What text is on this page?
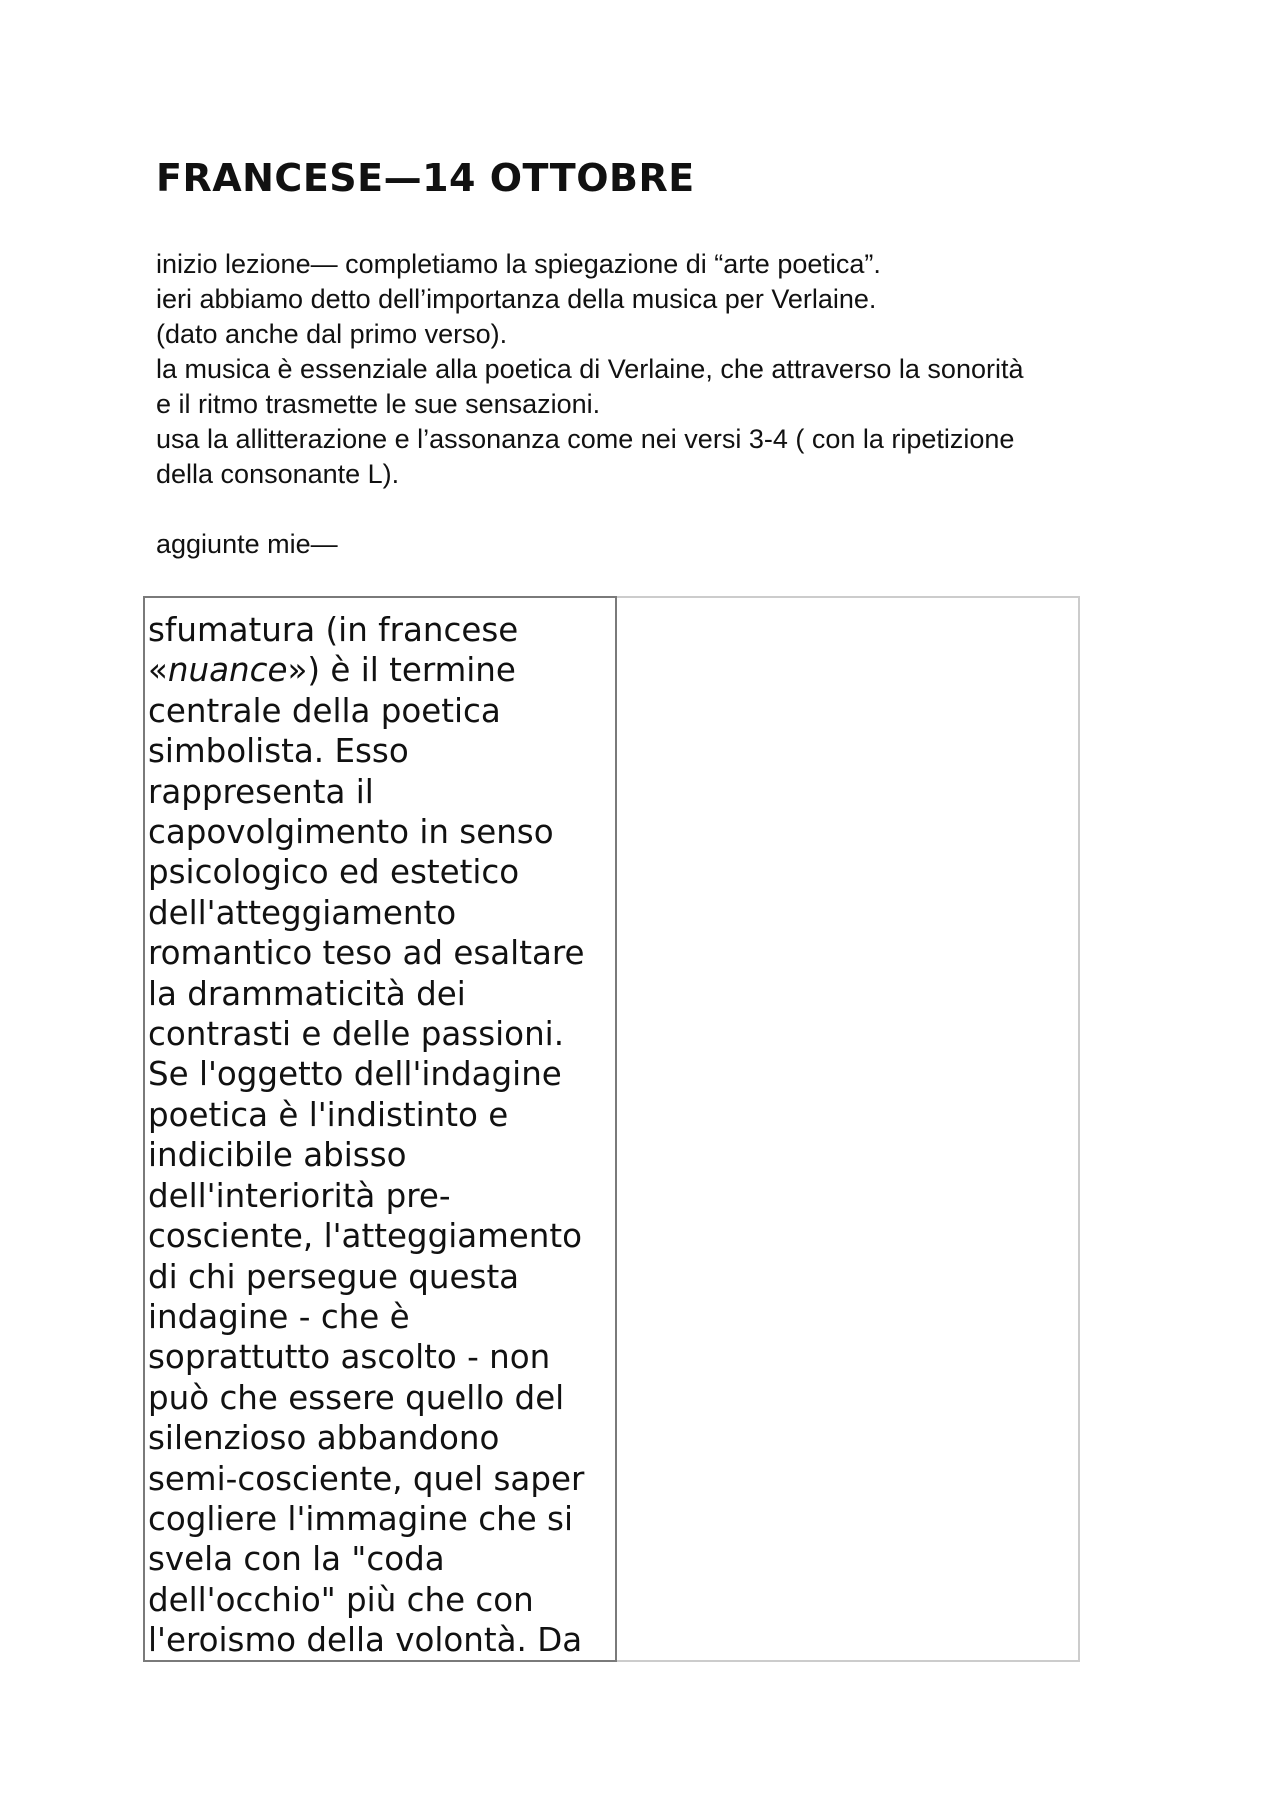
FRANCESE—14 OTTOBRE
inizio lezione— completiamo la spiegazione di “arte poetica”.
ieri abbiamo detto dell’importanza della musica per Verlaine.
(dato anche dal primo verso).
la musica è essenziale alla poetica di Verlaine, che attraverso la sonorità
e il ritmo trasmette le sue sensazioni.
usa la allitterazione e l’assonanza come nei versi 3-4 ( con la ripetizione
della consonante L).
aggiunte mie—
sfumatura (in francese
«nuance») è il termine
centrale della poetica
simbolista. Esso
rappresenta il
capovolgimento in senso
psicologico ed estetico
dell'atteggiamento
romantico teso ad esaltare
la drammaticità dei
contrasti e delle passioni.
Se l'oggetto dell'indagine
poetica è l'indistinto e
indicibile abisso
dell'interiorità pre-
cosciente, l'atteggiamento
di chi persegue questa
indagine - che è
soprattutto ascolto - non
può che essere quello del
silenzioso abbandono
semi-cosciente, quel saper
cogliere l'immagine che si
svela con la "coda
dell'occhio" più che con
l'eroismo della volontà. Da
